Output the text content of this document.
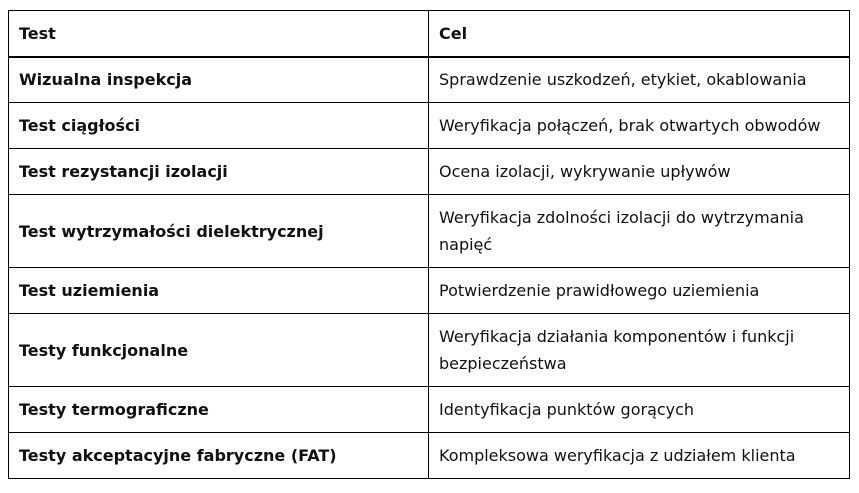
Test	Cel
Wizualna inspekcja	Sprawdzenie uszkodzeń, etykiet, okablowania
Test ciągłości	Weryfikacja połączeń, brak otwartych obwodów
Test rezystancji izolacji	Ocena izolacji, wykrywanie upływów
Test wytrzymałości dielektrycznej	Weryfikacja zdolności izolacji do wytrzymania napięć
Test uziemienia	Potwierdzenie prawidłowego uziemienia
Testy funkcjonalne	Weryfikacja działania komponentów i funkcji bezpieczeństwa
Testy termograficzne	Identyfikacja punktów gorących
Testy akceptacyjne fabryczne (FAT)	Kompleksowa weryfikacja z udziałem klienta
